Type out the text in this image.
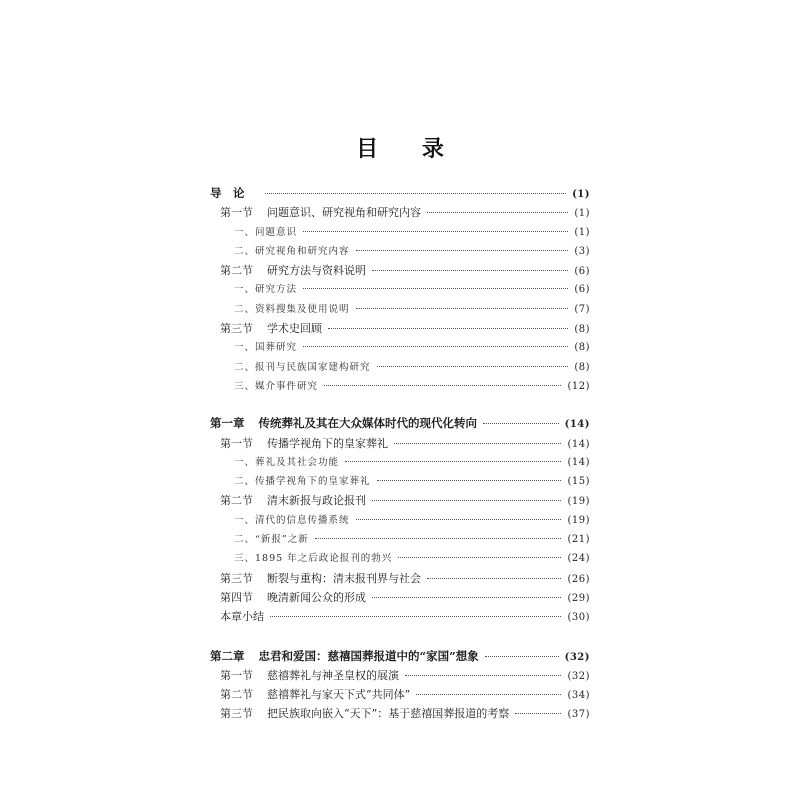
目 录
导　论	(1)
第一节 问题意识、研究视角和研究内容	(1)
一、问题意识	(1)
二、研究视角和研究内容	(3)
第二节 研究方法与资料说明	(6)
一、研究方法	(6)
二、资料搜集及使用说明	(7)
第三节 学术史回顾	(8)
一、国葬研究	(8)
二、报刊与民族国家建构研究	(8)
三、媒介事件研究	(12)
第一章 传统葬礼及其在大众媒体时代的现代化转向	(14)
第一节 传播学视角下的皇家葬礼	(14)
一、葬礼及其社会功能	(14)
二、传播学视角下的皇家葬礼	(15)
第二节 清末新报与政论报刊	(19)
一、清代的信息传播系统	(19)
二、“新报”之新	(21)
三、1895 年之后政论报刊的勃兴	(24)
第三节 断裂与重构：清末报刊界与社会	(26)
第四节 晚清新闻公众的形成	(29)
本章小结	(30)
第二章 忠君和爱国：慈禧国葬报道中的“家国”想象	(32)
第一节 慈禧葬礼与神圣皇权的展演	(32)
第二节 慈禧葬礼与家天下式“共同体”	(34)
第三节 把民族取向嵌入“天下”：基于慈禧国葬报道的考察	(37)
